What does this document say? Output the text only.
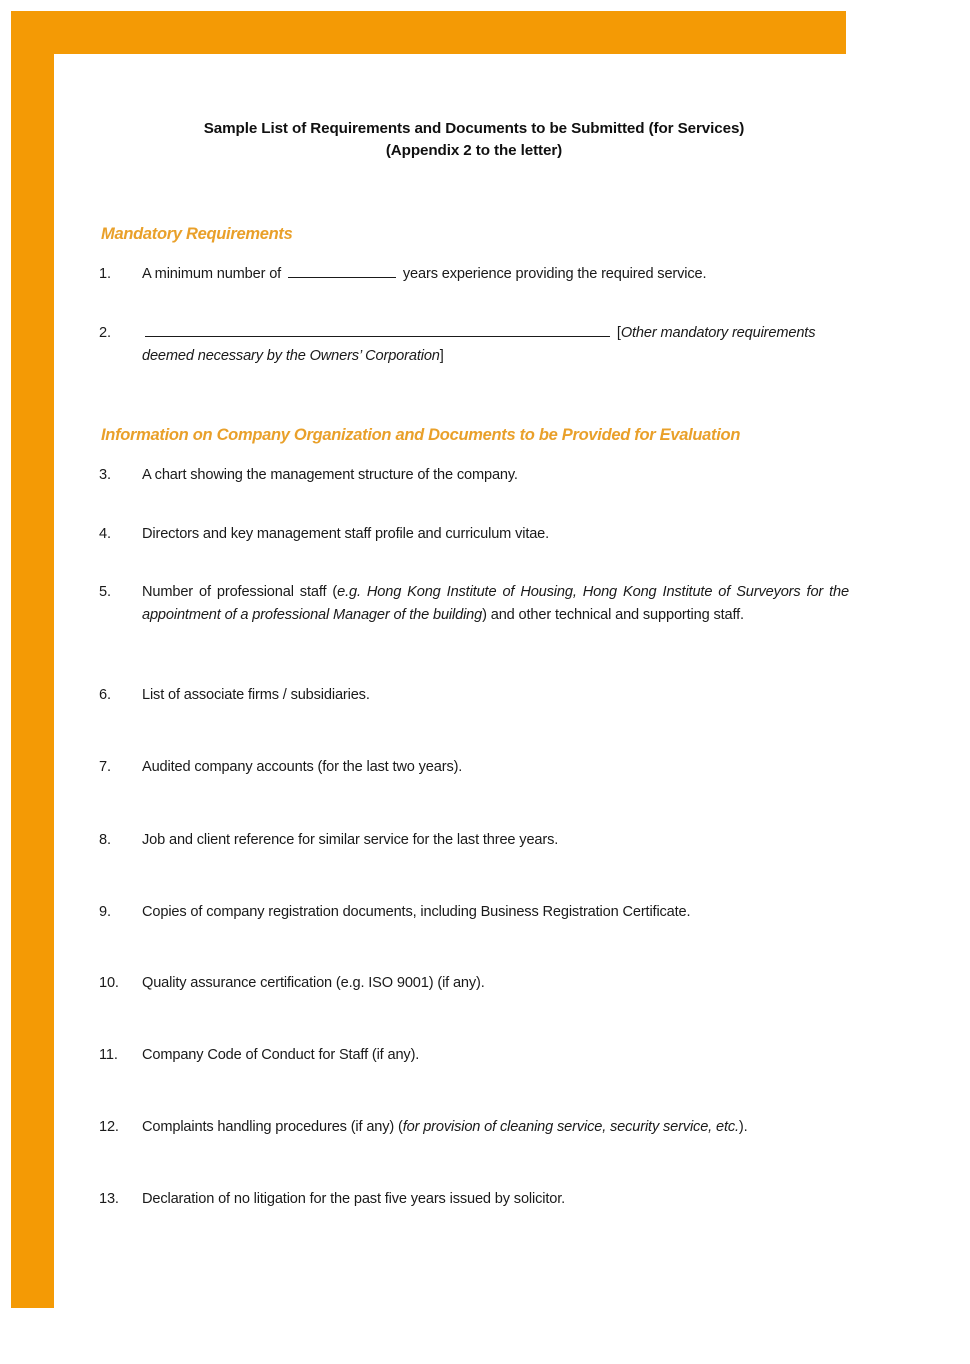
Sample List of Requirements and Documents to be Submitted (for Services)
(Appendix 2 to the letter)
Mandatory Requirements
Information on Company Organization and Documents to be Provided for Evaluation
1.	A minimum number of	years experience providing the required service.
2.	[Other mandatory requirements deemed necessary by the Owners’ Corporation]
3.	A chart showing the management structure of the company.
4.	Directors and key management staff profile and curriculum vitae.
5.	Number of professional staff (e.g. Hong Kong Institute of Housing, Hong Kong Institute of Surveyors for the appointment of a professional Manager of the building) and other technical and supporting staff.
6.	List of associate firms / subsidiaries.
7.	Audited company accounts (for the last two years).
8.	Job and client reference for similar service for the last three years.
9.	Copies of company registration documents, including Business Registration Certificate.
10.	Quality assurance certification (e.g. ISO 9001) (if any).
11.	Company Code of Conduct for Staff (if any).
12.	Complaints handling procedures (if any) (for provision of cleaning service, security service, etc.).
13.	Declaration of no litigation for the past five years issued by solicitor.
